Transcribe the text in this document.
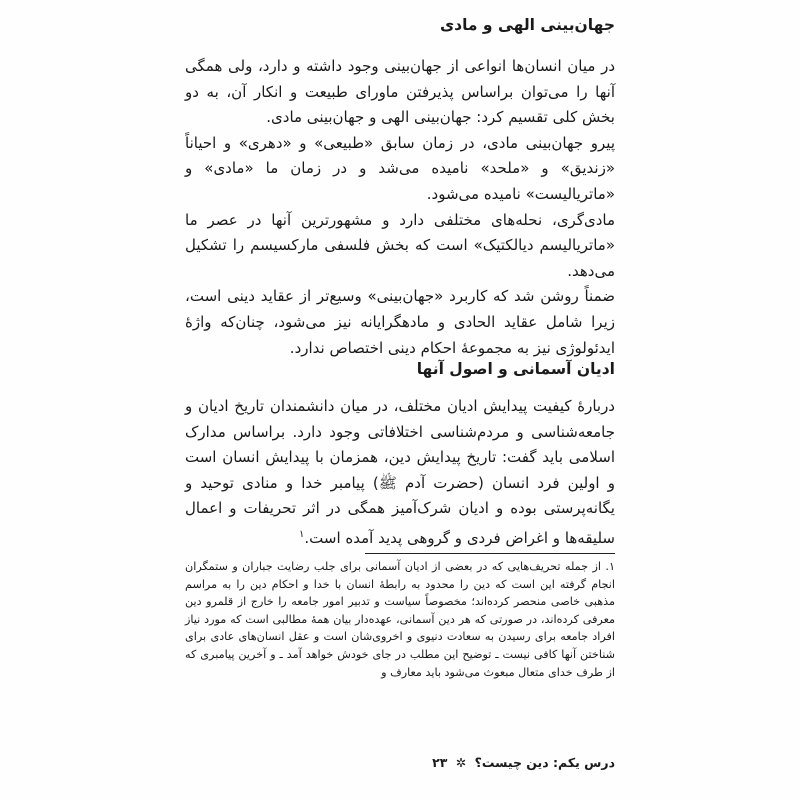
جهان‌بینی الهی و مادی

در میان انسان‌ها انواعی از جهان‌بینی وجود داشته و دارد، ولی همگی آنها را می‌توان براساس پذیرفتن ماورای طبیعت و انکار آن، به دو بخش کلی تقسیم کرد: جهان‌بینی الهی و جهان‌بینی مادی.

پیرو جهان‌بینی مادی، در زمان سابق «طبیعی» و «دهری» و احیاناً «زندیق» و «ملحد» نامیده می‌شد و در زمان ما «مادی» و «ماتریالیست» نامیده می‌شود.

مادی‌گری، نحله‌های مختلفی دارد و مشهورترین آنها در عصر ما «ماتریالیسم دیالکتیک» است که بخش فلسفی مارکسیسم را تشکیل می‌دهد.

ضمناً روشن شد که کاربرد «جهان‌بینی» وسیع‌تر از عقاید دینی است، زیرا شامل عقاید الحادی و مادهگرایانه نیز می‌شود، چنان‌که واژهٔ ایدئولوژی نیز به مجموعهٔ احکام دینی اختصاص ندارد.

ادیان آسمانی و اصول آنها

دربارهٔ کیفیت پیدایش ادیان مختلف، در میان دانشمندان تاریخ ادیان و جامعه‌شناسی و مردم‌شناسی اختلافاتی وجود دارد. براساس مدارک اسلامی باید گفت: تاریخ پیدایش دین، همزمان با پیدایش انسان است و اولین فرد انسان (حضرت آدم ﷺ) پیامبر خدا و منادی توحید و یگانه‌پرستی بوده و ادیان شرک‌آمیز همگی در اثر تحریفات و اعمال سلیقه‌ها و اغراض فردی و گروهی پدید آمده است.$^۱$

۱. از جمله تحریف‌هایی که در بعضی از ادیان آسمانی برای جلب رضایت جباران و ستمگران انجام گرفته این است که دین را محدود به رابطهٔ انسان با خدا و احکام دین را به مراسم مذهبی خاصی منحصر کرده‌اند؛ مخصوصاً سیاست و تدبیر امور جامعه را خارج از قلمرو دین معرفی کرده‌اند، در صورتی که هر دین آسمانی، عهده‌دار بیان همهٔ مطالبی است که مورد نیاز افراد جامعه برای رسیدن به سعادت دنیوی و اخروی‌شان است و عقل انسان‌های عادی برای شناختن آنها کافی نیست ـ توضیح این مطلب در جای خودش خواهد آمد ـ و آخرین پیامبری که از طرف خدای متعال مبعوث می‌شود باید معارف و

درس یکم: دین چیست؟ ✲ ۲۳
